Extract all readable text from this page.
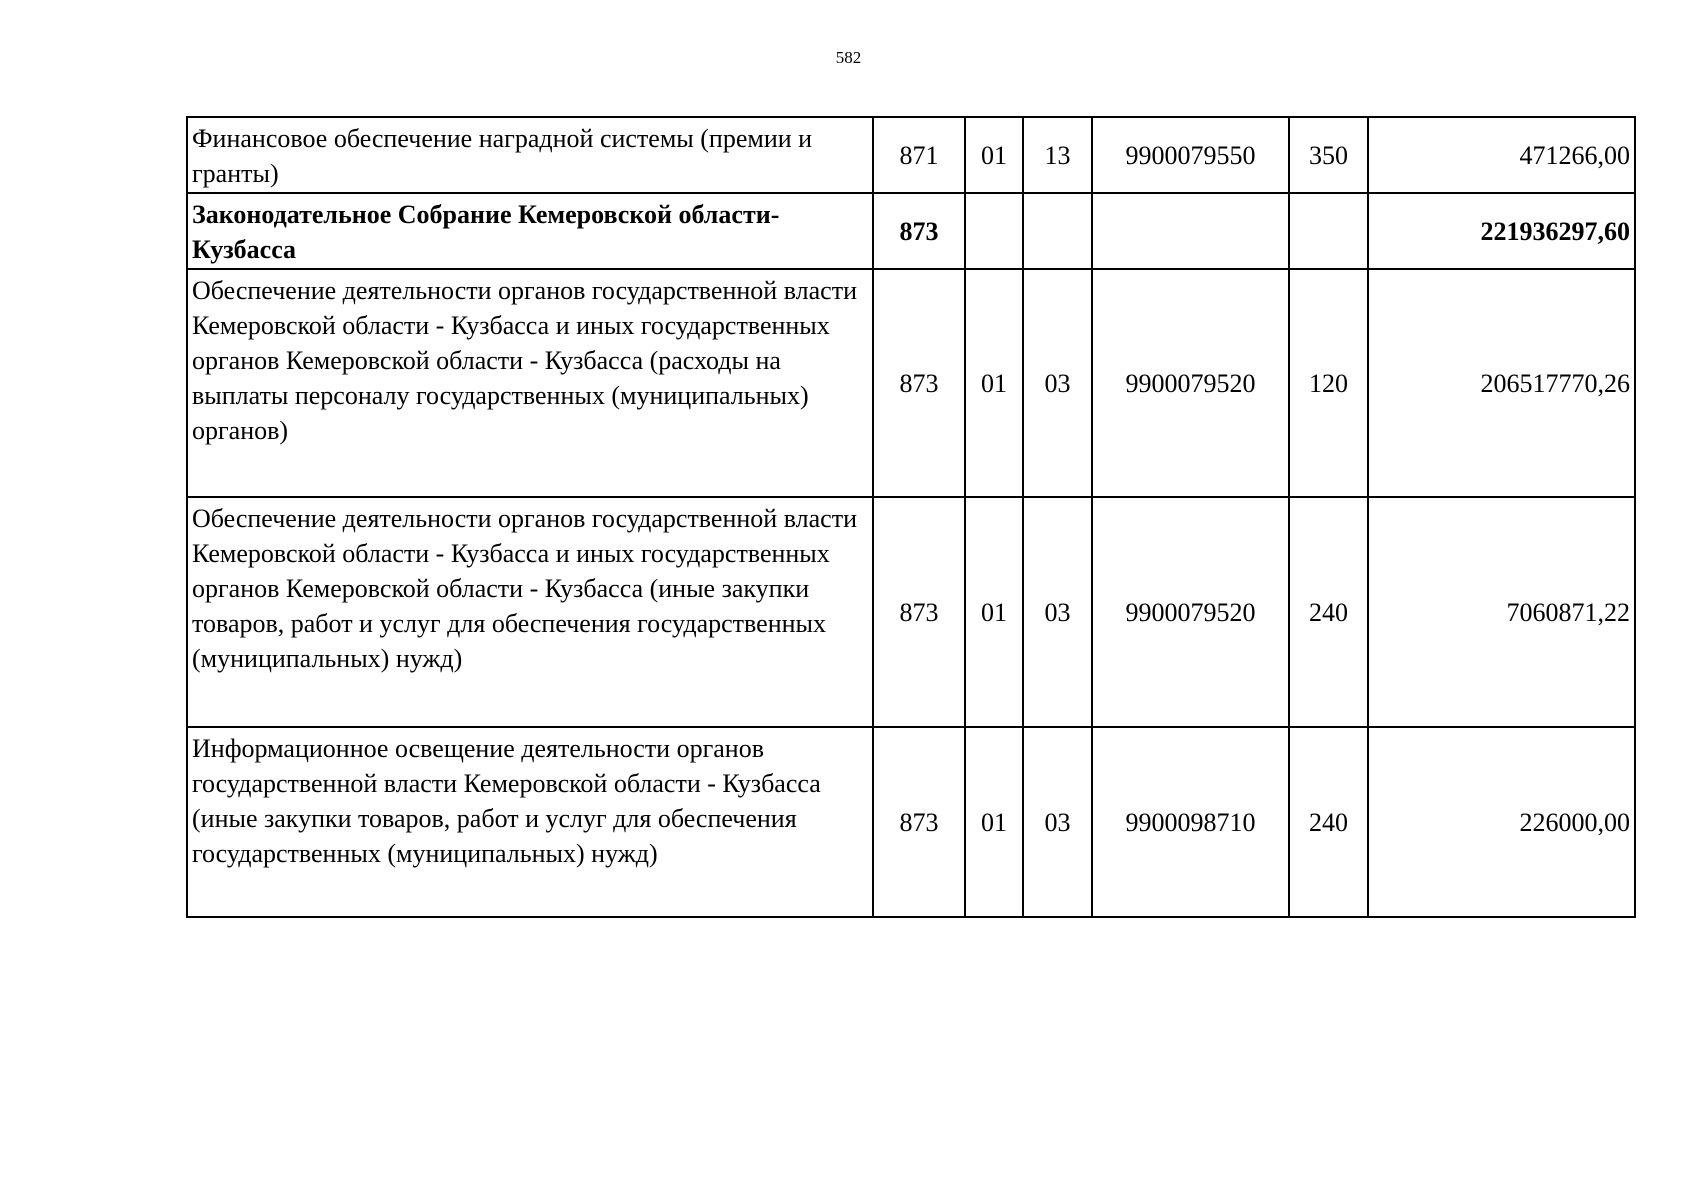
582
Финансовое обеспечение наградной системы (премии и гранты)	871	01	13	9900079550	350	471266,00
Законодательное Собрание Кемеровской области-Кузбасса	873					221936297,60
Обеспечение деятельности органов государственной власти Кемеровской области - Кузбасса и иных государственных органов Кемеровской области - Кузбасса (расходы на выплаты персоналу государственных (муниципальных) органов)	873	01	03	9900079520	120	206517770,26
Обеспечение деятельности органов государственной власти Кемеровской области - Кузбасса и иных государственных органов Кемеровской области - Кузбасса (иные закупки товаров, работ и услуг для обеспечения государственных (муниципальных) нужд)	873	01	03	9900079520	240	7060871,22
Информационное освещение деятельности органов государственной власти Кемеровской области - Кузбасса (иные закупки товаров, работ и услуг для обеспечения государственных (муниципальных) нужд)	873	01	03	9900098710	240	226000,00
